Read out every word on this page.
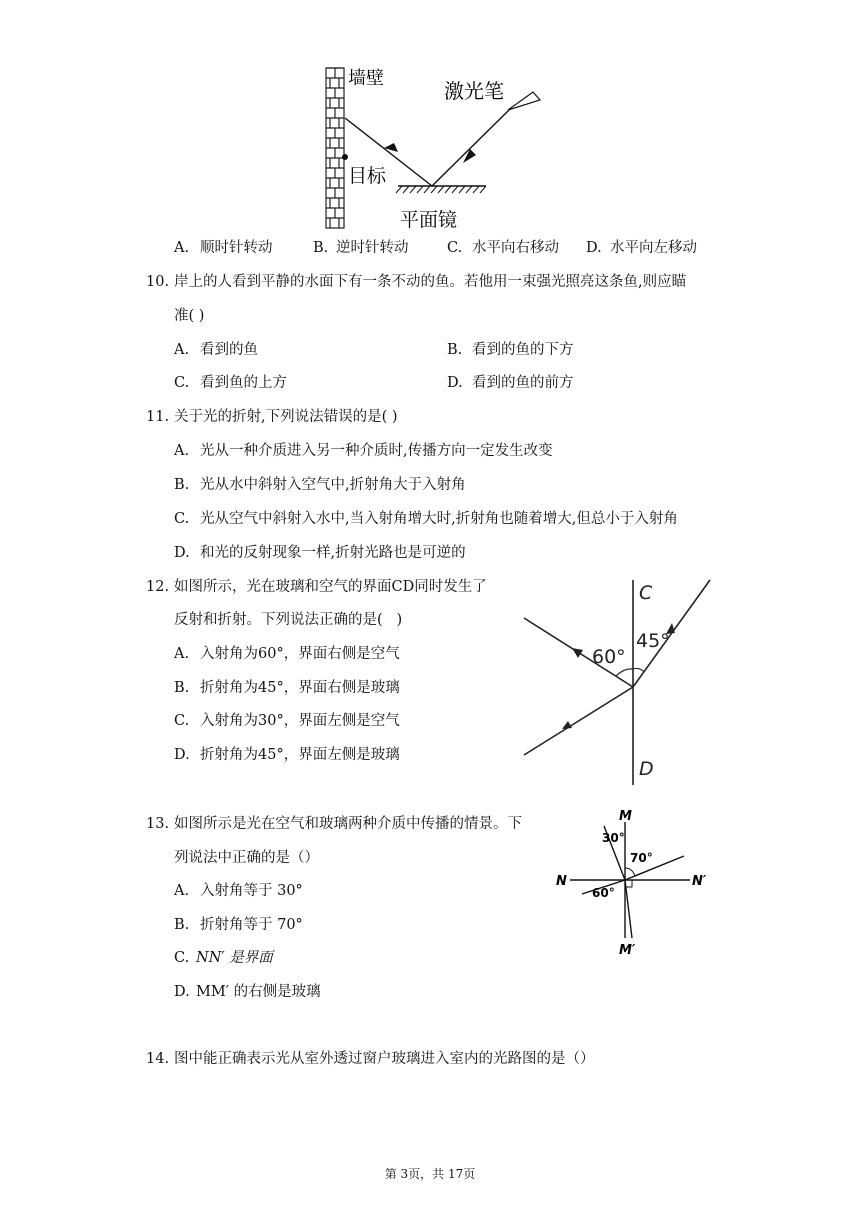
墙壁
激光笔
目标
平面镜
A. 顺时针转动	B. 逆时针转动	C. 水平向右移动 D. 水平向左移动
10. 岸上的人看到平静的水面下有一条不动的鱼。若他用一束强光照亮这条鱼,则应瞄
准( )
A. 看到的鱼	B. 看到的鱼的下方
C. 看到鱼的上方	D. 看到的鱼的前方
11. 关于光的折射,下列说法错误的是( )
A. 光从一种介质进入另一种介质时,传播方向一定发生改变
B. 光从水中斜射入空气中,折射角大于入射角
C. 光从空气中斜射入水中,当入射角增大时,折射角也随着增大,但总小于入射角
D. 和光的反射现象一样,折射光路也是可逆的
12. 如图所示，光在玻璃和空气的界面CD同时发生了
反射和折射。下列说法正确的是(   )
A. 入射角为60°，界面右侧是空气
B. 折射角为45°，界面右侧是玻璃
C. 入射角为30°，界面左侧是空气
D. 折射角为45°，界面左侧是玻璃
C
D
60°
45°
13. 如图所示是光在空气和玻璃两种介质中传播的情景。下
列说法中正确的是（）
A. 入射角等于 30°
B. 折射角等于 70°
C. NN′ 是界面
D. MM′ 的右侧是玻璃
M
M′
N	N′
30°
70°
60°
14. 图中能正确表示光从室外透过窗户玻璃进入室内的光路图的是（）
第 3页，共 17页
